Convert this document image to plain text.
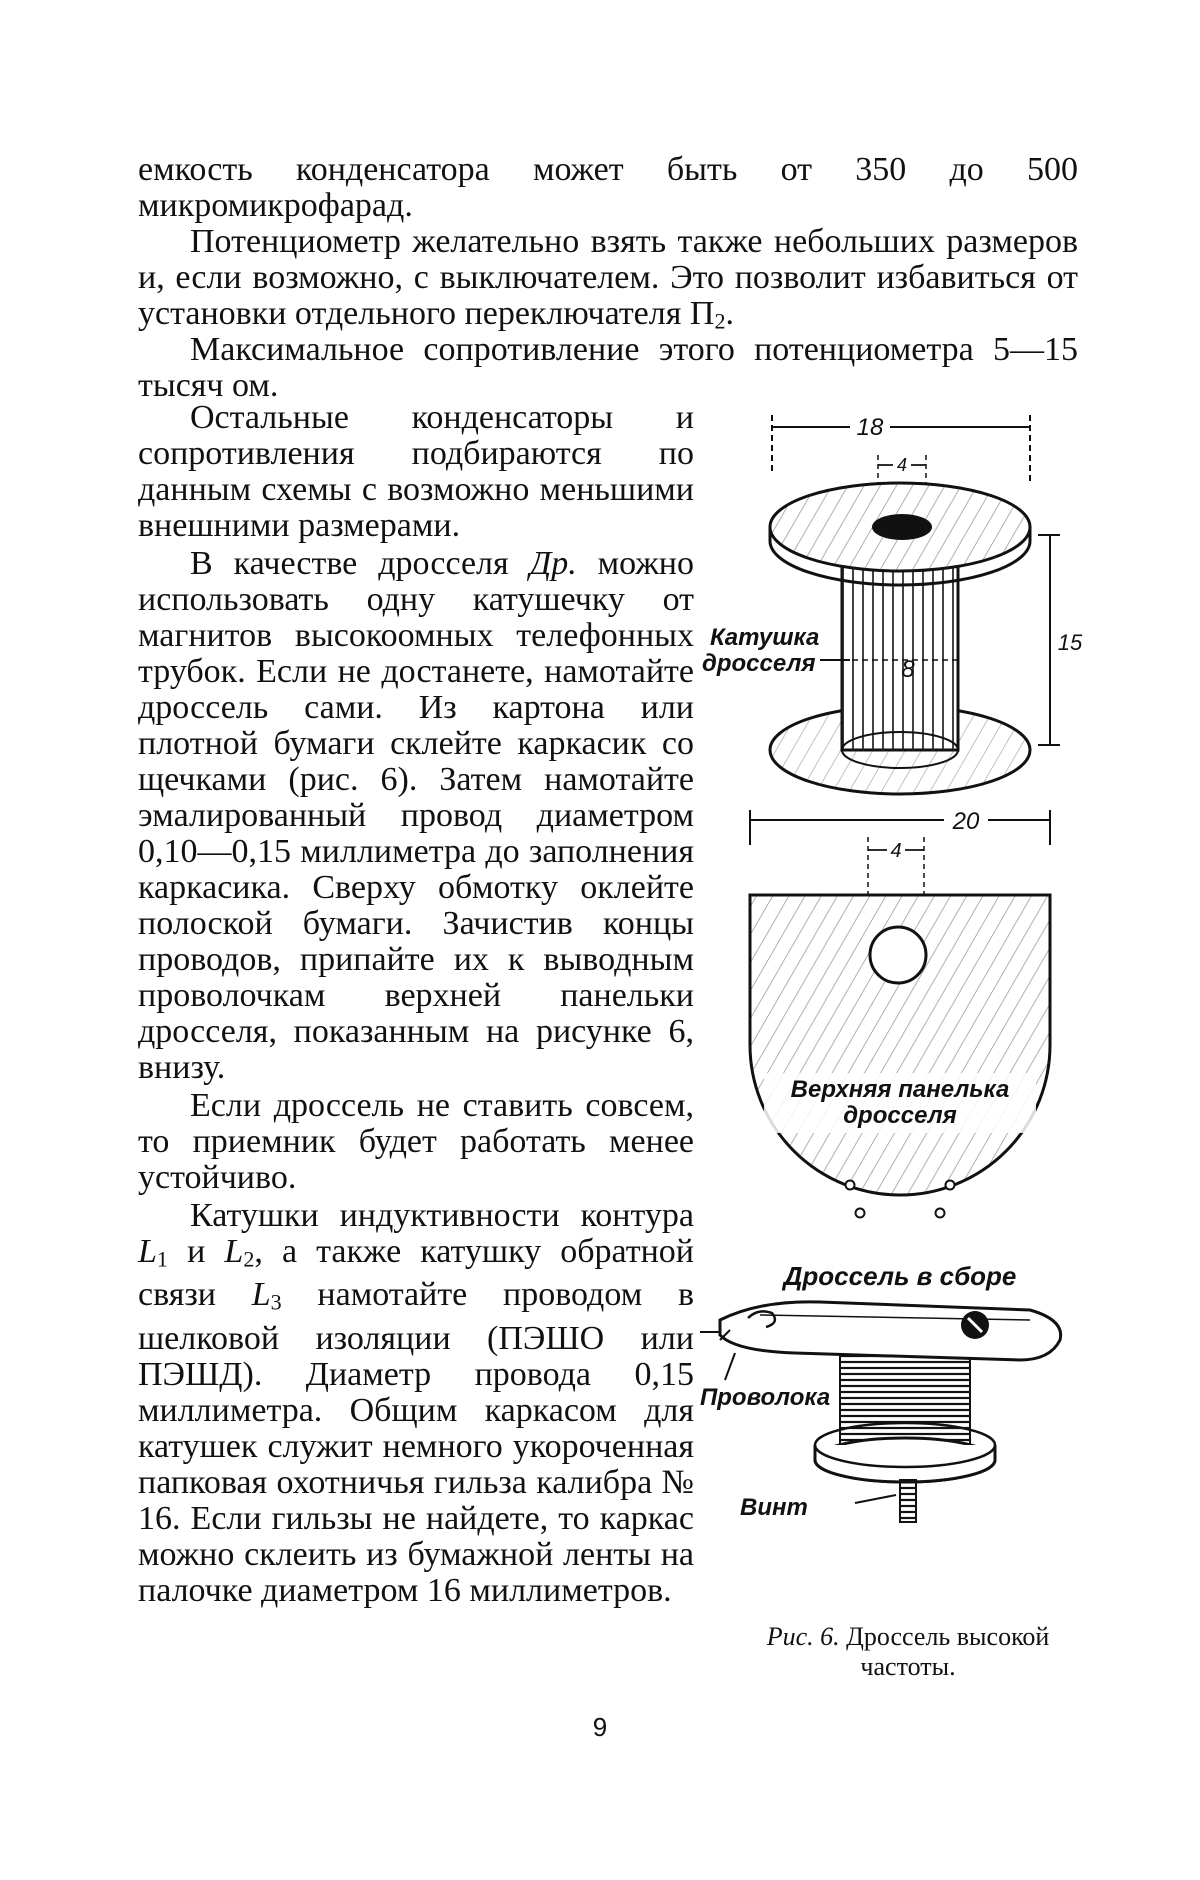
емкость конденсатора может быть от 350 до 500 микромикрофарад.

Потенциометр желательно взять также небольших размеров и, если возможно, с выключателем. Это позволит избавиться от установки отдельного переключателя П2.

Максимальное сопротивление этого потенциометра 5—15 тысяч ом.

Остальные конденсаторы и сопротивления подбираются по данным схемы с возможно меньшими внешними размерами.

В качестве дросселя Др. можно использовать одну катушечку от магнитов высокоомных телефонных трубок. Если не достанете, намотайте дроссель сами. Из картона или плотной бумаги склейте каркасик со щечками (рис. 6). Затем намотайте эмалированный провод диаметром 0,10—0,15 миллиметра до заполнения каркасика. Сверху обмотку оклейте полоской бумаги. Зачистив концы проводов, припайте их к выводным проволочкам верхней панельки дросселя, показанным на рисунке 6, внизу.

Если дроссель не ставить совсем, то приемник будет работать менее устойчиво.

Катушки индуктивности контура L1 и L2, а также катушку обратной связи L3 намотайте проводом в шелковой изоляции (ПЭШО или ПЭШД). Диаметр провода 0,15 миллиметра. Общим каркасом для катушек служит немного укороченная папковая охотничья гильза калибра № 16. Если гильзы не найдете, то каркас можно склеить из бумажной ленты на палочке диаметром 16 миллиметров.

18
4
15
8
Катушка
дросселя
20
4
Верхняя панелька
дросселя
Дроссель в сборе
Винт
Проволока
Рис. 6. Дроссель высокой частоты.
9
